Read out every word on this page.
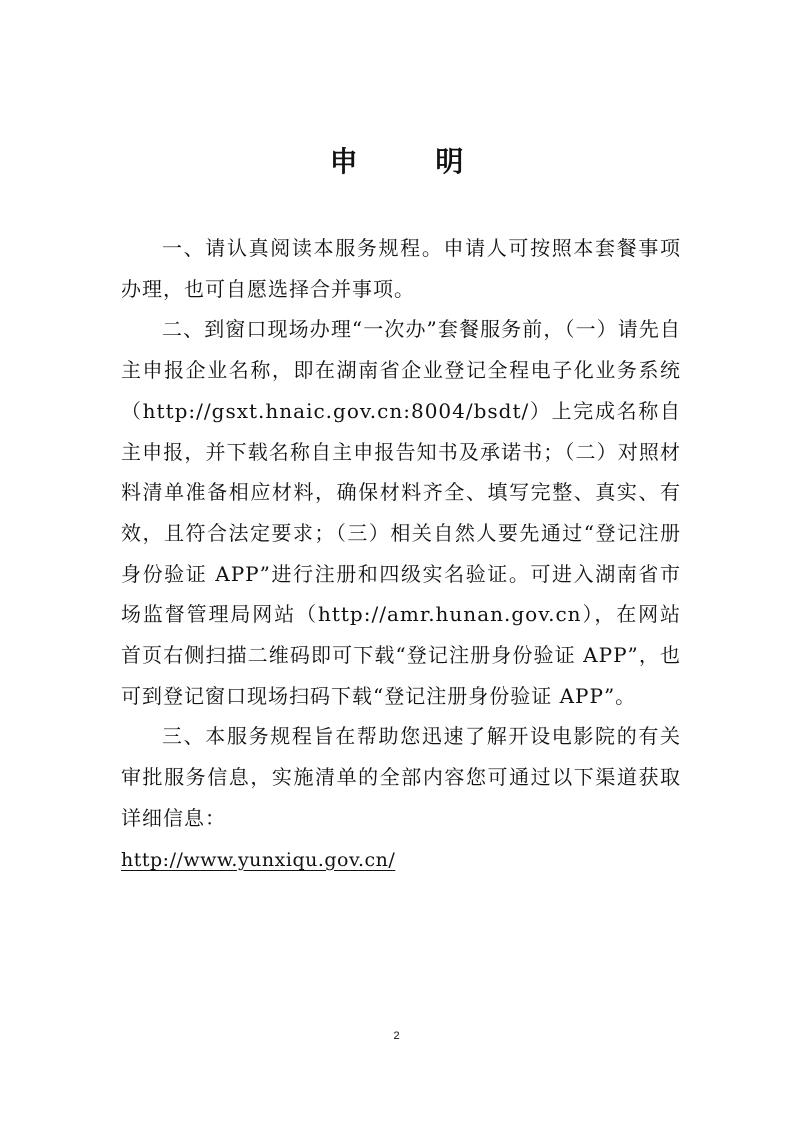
申 明

一、请认真阅读本服务规程。申请人可按照本套餐事项办理，也可自愿选择合并事项。

二、到窗口现场办理“一次办”套餐服务前，（一）请先自主申报企业名称，即在湖南省企业登记全程电子化业务系统（http://gsxt.hnaic.gov.cn:8004/bsdt/）上完成名称自主申报，并下载名称自主申报告知书及承诺书；（二）对照材料清单准备相应材料，确保材料齐全、填写完整、真实、有效，且符合法定要求；（三）相关自然人要先通过“登记注册身份验证 APP”进行注册和四级实名验证。可进入湖南省市场监督管理局网站（http://amr.hunan.gov.cn），在网站首页右侧扫描二维码即可下载“登记注册身份验证 APP”，也可到登记窗口现场扫码下载“登记注册身份验证 APP”。

三、本服务规程旨在帮助您迅速了解开设电影院的有关审批服务信息，实施清单的全部内容您可通过以下渠道获取详细信息：

http://www.yunxiqu.gov.cn/
2
